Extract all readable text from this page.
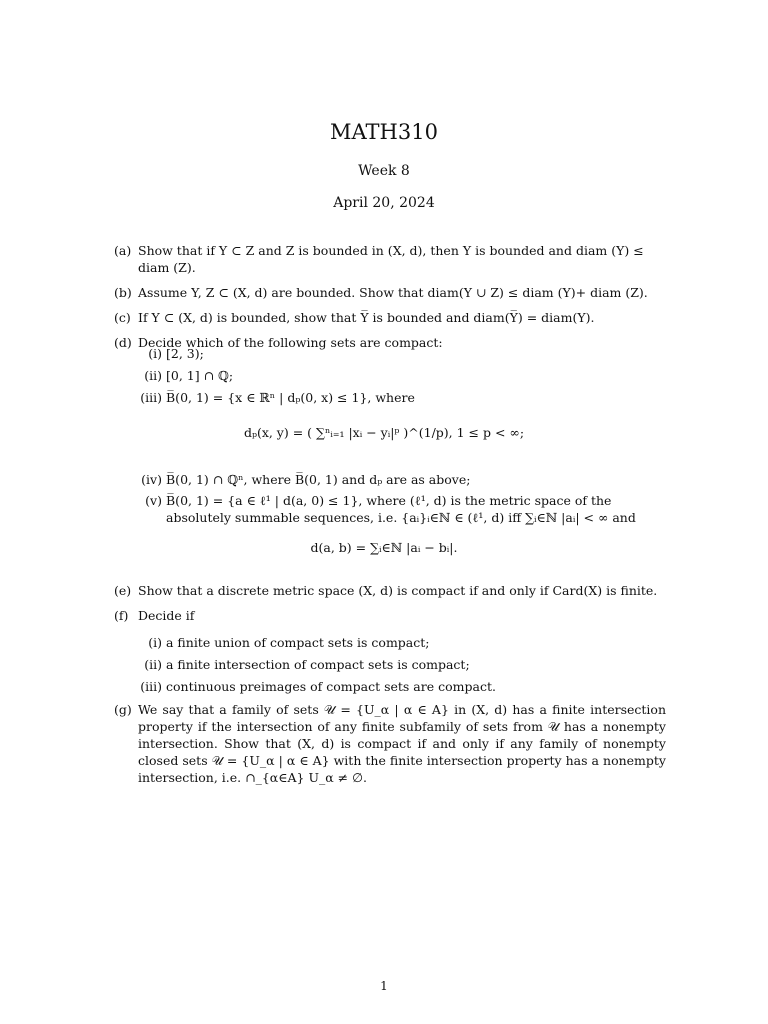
MATH310
Week 8
April 20, 2024
(a) Show that if Y ⊂ Z and Z is bounded in (X, d), then Y is bounded and diam (Y) ≤ diam (Z).
(b) Assume Y, Z ⊂ (X, d) are bounded. Show that diam(Y ∪ Z) ≤ diam (Y)+ diam (Z).
(c) If Y ⊂ (X, d) is bounded, show that Y̅ is bounded and diam(Y̅) = diam(Y).
(d) Decide which of the following sets are compact:
(i) [2, 3);
(ii) [0, 1] ∩ ℚ;
(iii) B̅(0, 1) = {x ∈ ℝⁿ | dₚ(0, x) ≤ 1}, where
dₚ(x, y) = ( ∑ⁿᵢ₌₁ |xᵢ − yᵢ|ᵖ )^(1/p), 1 ≤ p < ∞;
(iv) B̅(0, 1) ∩ ℚⁿ, where B̅(0, 1) and dₚ are as above;
(v) B̅(0, 1) = {a ∈ ℓ¹ | d(a, 0) ≤ 1}, where (ℓ¹, d) is the metric space of the absolutely summable sequences, i.e. {aᵢ}ᵢ∈ℕ ∈ (ℓ¹, d) iff ∑ᵢ∈ℕ |aᵢ| < ∞ and
d(a, b) = ∑ᵢ∈ℕ |aᵢ − bᵢ|.
(e) Show that a discrete metric space (X, d) is compact if and only if Card(X) is finite.
(f) Decide if
(i) a finite union of compact sets is compact;
(ii) a finite intersection of compact sets is compact;
(iii) continuous preimages of compact sets are compact.
(g) We say that a family of sets 𝒰 = {U_α | α ∈ A} in (X, d) has a finite intersection property if the intersection of any finite subfamily of sets from 𝒰 has a nonempty intersection. Show that (X, d) is compact if and only if any family of nonempty closed sets 𝒰 = {U_α | α ∈ A} with the finite intersection property has a nonempty intersection, i.e. ∩_{α∈A} U_α ≠ ∅.
1
